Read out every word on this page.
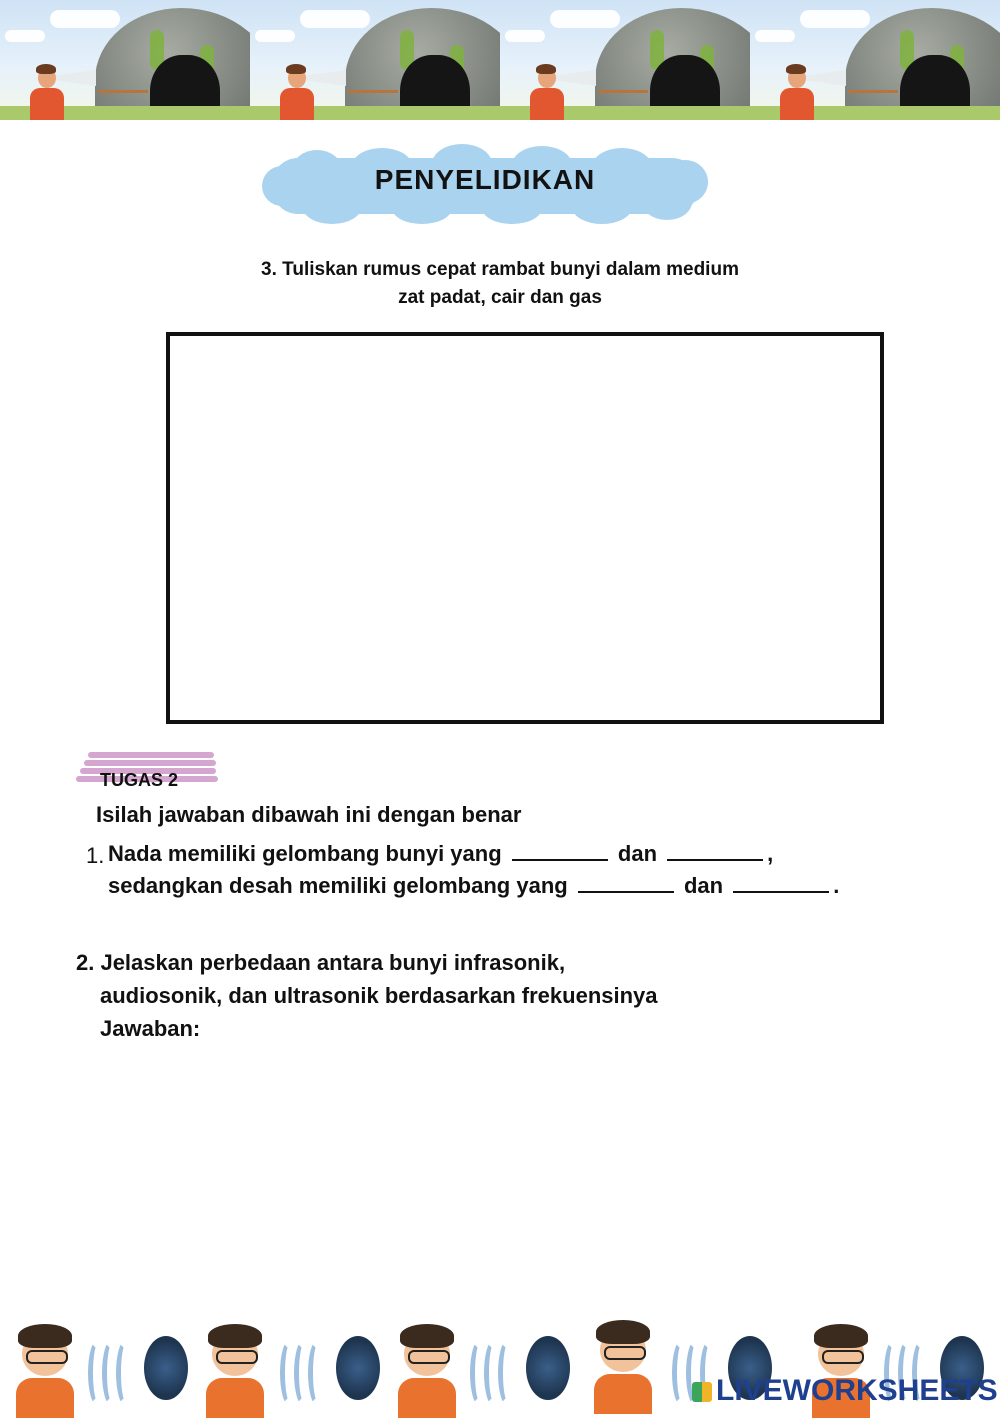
PENYELIDIKAN
3. Tuliskan rumus cepat rambat bunyi dalam medium
zat padat, cair dan gas
TUGAS 2
Isilah jawaban dibawah ini dengan benar
1. Nada memiliki gelombang bunyi yang	dan	,
sedangkan desah memiliki gelombang yang	dan	.
2. Jelaskan perbedaan antara bunyi infrasonik,
audiosonik, dan ultrasonik berdasarkan frekuensinya
Jawaban:
LIVEWORKSHEETS
